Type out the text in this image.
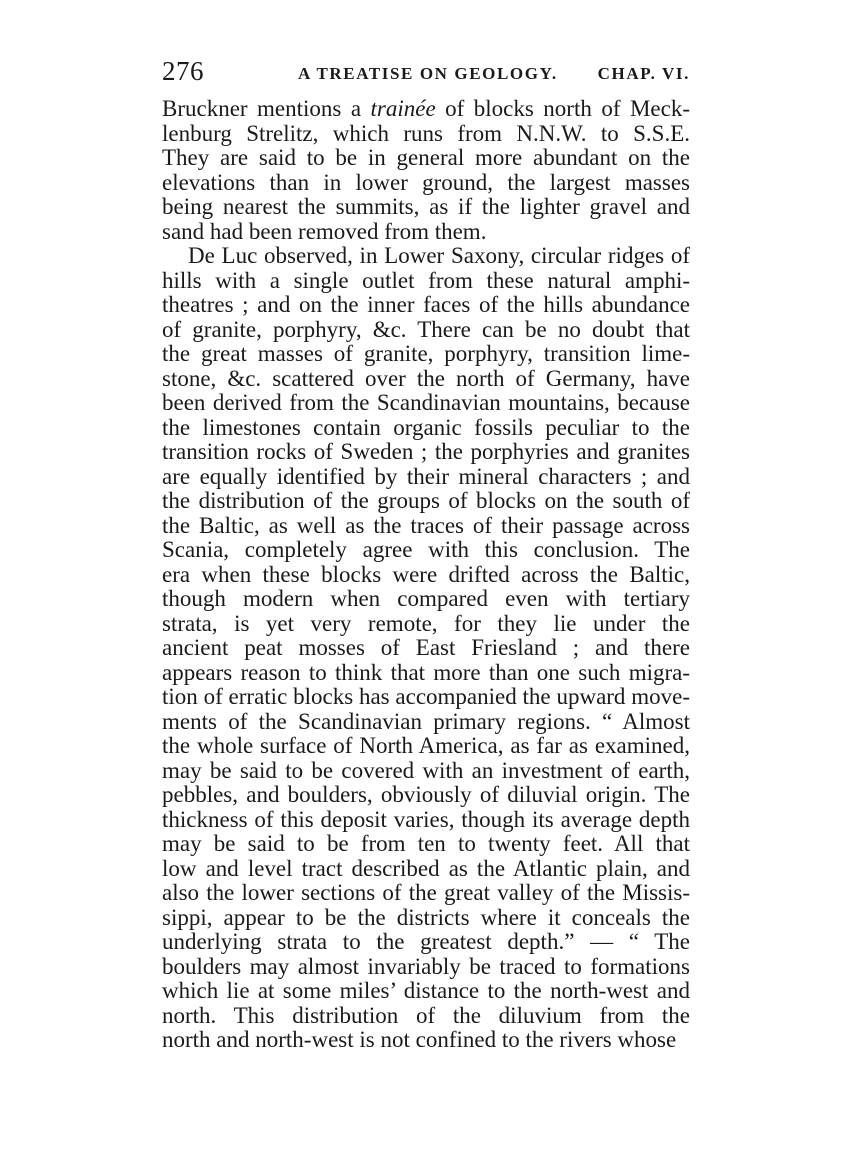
276	A TREATISE ON GEOLOGY. CHAP. VI.
Bruckner mentions a trainée of blocks north of Meck-
lenburg Strelitz, which runs from N.N.W. to S.S.E.
They are said to be in general more abundant on the
elevations than in lower ground, the largest masses
being nearest the summits, as if the lighter gravel and
sand had been removed from them.
De Luc observed, in Lower Saxony, circular ridges of
hills with a single outlet from these natural amphi-
theatres ; and on the inner faces of the hills abundance
of granite, porphyry, &c. There can be no doubt that
the great masses of granite, porphyry, transition lime-
stone, &c. scattered over the north of Germany, have
been derived from the Scandinavian mountains, because
the limestones contain organic fossils peculiar to the
transition rocks of Sweden ; the porphyries and granites
are equally identified by their mineral characters ; and
the distribution of the groups of blocks on the south of
the Baltic, as well as the traces of their passage across
Scania, completely agree with this conclusion. The
era when these blocks were drifted across the Baltic,
though modern when compared even with tertiary
strata, is yet very remote, for they lie under the
ancient peat mosses of East Friesland ; and there
appears reason to think that more than one such migra-
tion of erratic blocks has accompanied the upward move-
ments of the Scandinavian primary regions. “ Almost
the whole surface of North America, as far as examined,
may be said to be covered with an investment of earth,
pebbles, and boulders, obviously of diluvial origin. The
thickness of this deposit varies, though its average depth
may be said to be from ten to twenty feet. All that
low and level tract described as the Atlantic plain, and
also the lower sections of the great valley of the Missis-
sippi, appear to be the districts where it conceals the
underlying strata to the greatest depth.” — “ The
boulders may almost invariably be traced to formations
which lie at some miles’ distance to the north-west and
north. This distribution of the diluvium from the
north and north-west is not confined to the rivers whose
